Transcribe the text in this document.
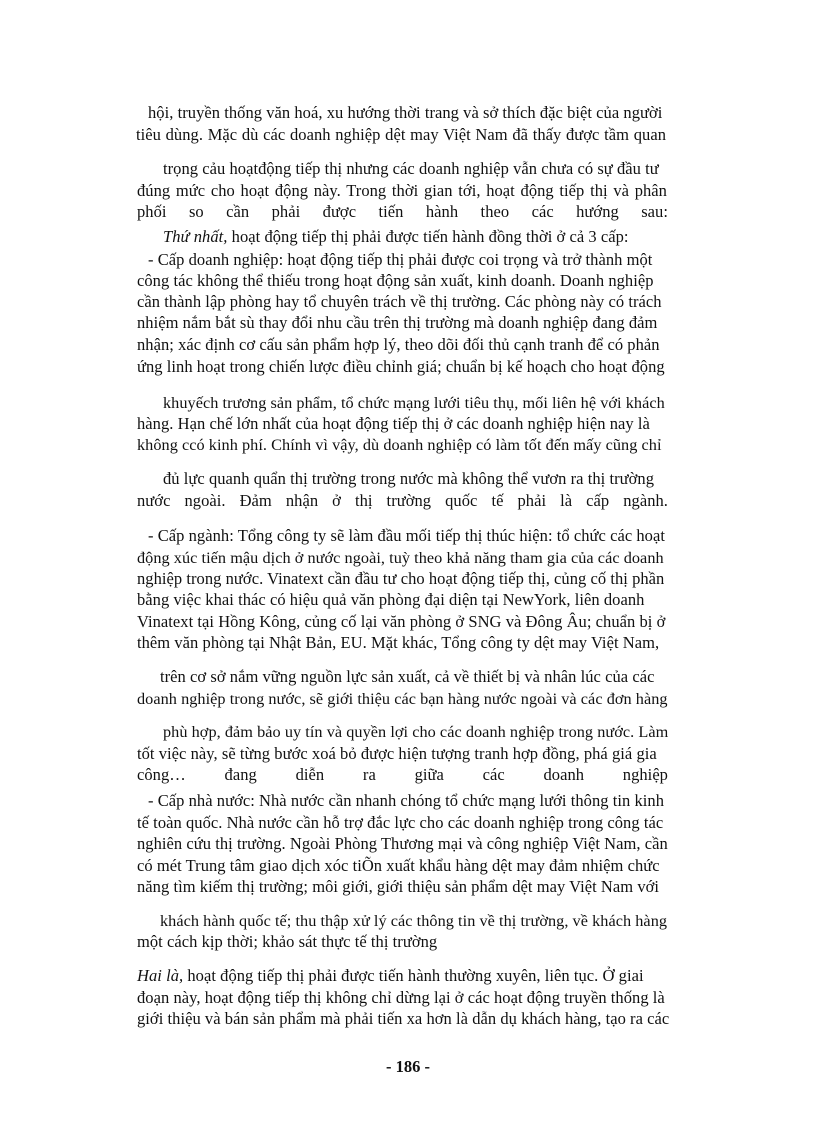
hội, truyền thống văn hoá, xu hướng thời trang và sở thích đặc biệt của người

tiêu dùng. Mặc dù các doanh nghiệp dệt may Việt Nam đã thấy được tầm quan

trọng cảu hoạtđộng tiếp thị nhưng các doanh nghiệp vẫn chưa có sự đầu tư

đúng mức cho hoạt động này. Trong thời gian tới, hoạt động tiếp thị và phân

phối so cần phải được tiến hành theo các hướng sau:

Thứ nhất, hoạt động tiếp thị phải được tiến hành đồng thời ở cả 3 cấp:

- Cấp doanh nghiệp: hoạt động tiếp thị phải được coi trọng và trở thành một

công tác không thể thiếu trong hoạt động sản xuất, kinh doanh. Doanh nghiệp

cần thành lập phòng hay tổ chuyên trách về thị trường. Các phòng này có trách

nhiệm nắm bắt sù thay đổi nhu cầu trên thị trường mà doanh nghiệp đang đảm

nhận; xác định cơ cấu sản phẩm hợp lý, theo dõi đối thủ cạnh tranh để có phản

ứng linh hoạt trong chiến lược điều chỉnh giá; chuẩn bị kế hoạch cho hoạt động

khuyếch trương sản phẩm, tổ chức mạng lưới tiêu thụ, mối liên hệ với khách

hàng. Hạn chế lớn nhất của hoạt động tiếp thị ở các doanh nghiệp hiện nay là

không ccó kinh phí. Chính vì vậy, dù doanh nghiệp có làm tốt đến mấy cũng chỉ

đủ lực quanh quẩn thị trường trong nước mà không thể vươn ra thị trường

nước ngoài. Đảm nhận ở thị trường quốc tế phải là cấp ngành.

- Cấp ngành: Tổng công ty sẽ làm đầu mối tiếp thị thúc hiện: tổ chức các hoạt

động xúc tiến mậu dịch ở nước ngoài, tuỳ theo khả năng tham gia của các doanh

nghiệp trong nước. Vinatext cần đầu tư cho hoạt động tiếp thị, củng cố thị phần

bằng việc khai thác có hiệu quả văn phòng đại diện tại NewYork, liên doanh

Vinatext tại Hồng Kông, củng cố lại văn phòng ở SNG và Đông Âu; chuẩn bị ở

thêm văn phòng tại Nhật Bản, EU. Mặt khác, Tổng công ty dệt may Việt Nam,

trên cơ sở nắm vững nguồn lực sản xuất, cả về thiết bị và nhân lúc của các

doanh nghiệp trong nước, sẽ giới thiệu các bạn hàng nước ngoài và các đơn hàng

phù hợp, đảm bảo uy tín và quyền lợi cho các doanh nghiệp trong nước. Làm

tốt việc này, sẽ từng bước xoá bỏ được hiện tượng tranh hợp đồng, phá giá gia

công… đang diễn ra giữa các doanh nghiệp

- Cấp nhà nước: Nhà nước cần nhanh chóng tổ chức mạng lưới thông tin kinh

tế toàn quốc. Nhà nước cần hỗ trợ đắc lực cho các doanh nghiệp trong công tác

nghiên cứu thị trường. Ngoài Phòng Thương mại và công nghiệp Việt Nam, cần

có mét Trung tâm giao dịch xóc tiÕn xuất khẩu hàng dệt may đảm nhiệm chức

năng tìm kiếm thị trường; môi giới, giới thiệu sản phẩm dệt may Việt Nam với

khách hành quốc tế; thu thập xử lý các thông tin về thị trường, về khách hàng

một cách kịp thời; khảo sát thực tế thị trường

Hai là, hoạt động tiếp thị phải được tiến hành thường xuyên, liên tục. Ở giai

đoạn này, hoạt động tiếp thị không chỉ dừng lại ở các hoạt động truyền thống là

giới thiệu và bán sản phẩm mà phải tiến xa hơn là dẫn dụ khách hàng, tạo ra các

- 186 -
